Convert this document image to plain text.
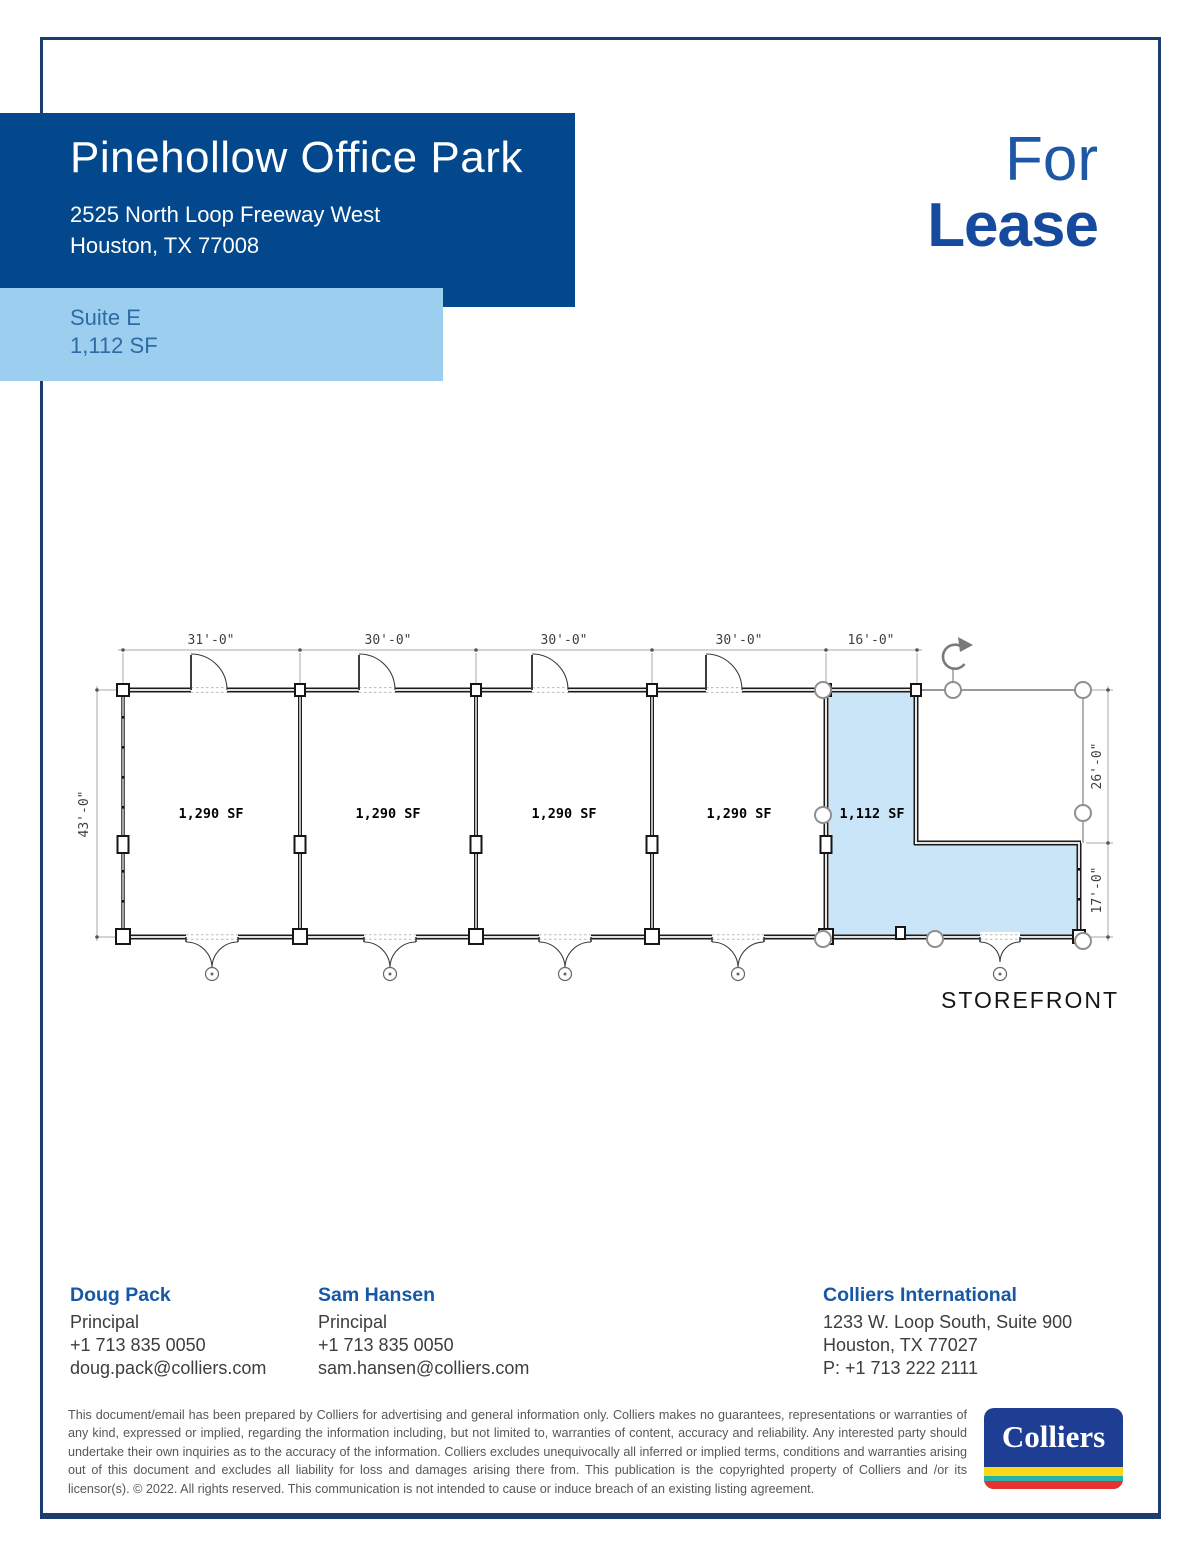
Pinehollow Office Park
2525 North Loop Freeway West
Houston, TX 77008
Suite E
1,112 SF
For
Lease
31'-0"	30'-0"	30'-0"	30'-0"	16'-0"
43'-0"
26'-0"
17'-0"
1,290 SF	1,290 SF	1,290 SF	1,290 SF	1,112 SF
STOREFRONT
Doug Pack
Principal
+1 713 835 0050
doug.pack@colliers.com
Sam Hansen
Principal
+1 713 835 0050
sam.hansen@colliers.com
Colliers International
1233 W. Loop South, Suite 900
Houston, TX 77027
P: +1 713 222 2111
This document/email has been prepared by Colliers for advertising and general information only. Colliers makes no guarantees, representations or warranties of any kind, expressed or implied, regarding the information including, but not limited to, warranties of content, accuracy and reliability. Any interested party should undertake their own inquiries as to the accuracy of the information. Colliers excludes unequivocally all inferred or implied terms, conditions and warranties arising out of this document and excludes all liability for loss and damages arising there from. This publication is the copyrighted property of Colliers and /or its licensor(s). © 2022. All rights reserved. This communication is not intended to cause or induce breach of an existing listing agreement.
Colliers
